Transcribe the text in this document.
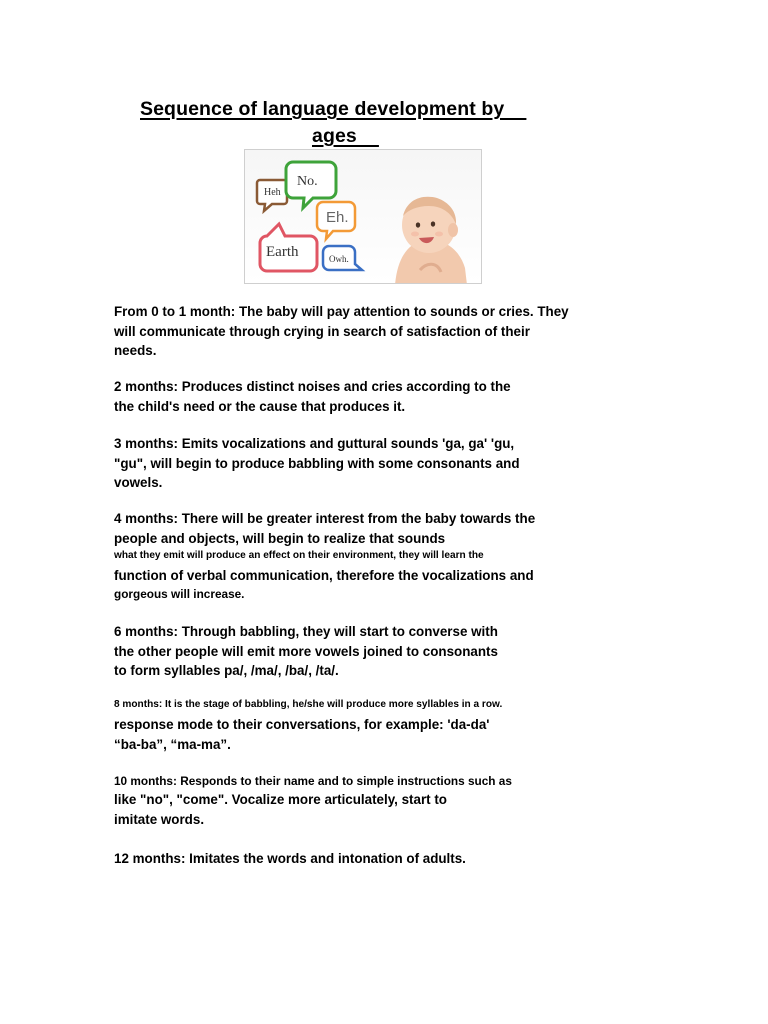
Sequence of language development by
ages
Heh
No.
Eh.
Earth	Owh.
From 0 to 1 month: The baby will pay attention to sounds or cries. They
will communicate through crying in search of satisfaction of their
needs.
2 months: Produces distinct noises and cries according to the
the child's need or the cause that produces it.
3 months: Emits vocalizations and guttural sounds 'ga, ga' 'gu,
"gu", will begin to produce babbling with some consonants and
vowels.
4 months: There will be greater interest from the baby towards the
people and objects, will begin to realize that sounds
what they emit will produce an effect on their environment, they will learn the
function of verbal communication, therefore the vocalizations and
gorgeous will increase.
6 months: Through babbling, they will start to converse with
the other people will emit more vowels joined to consonants
to form syllables pa/, /ma/, /ba/, /ta/.
8 months: It is the stage of babbling, he/she will produce more syllables in a row.
response mode to their conversations, for example: 'da-da'
“ba-ba”, “ma-ma”.
10 months: Responds to their name and to simple instructions such as
like "no", "come". Vocalize more articulately, start to
imitate words.
12 months: Imitates the words and intonation of adults.
